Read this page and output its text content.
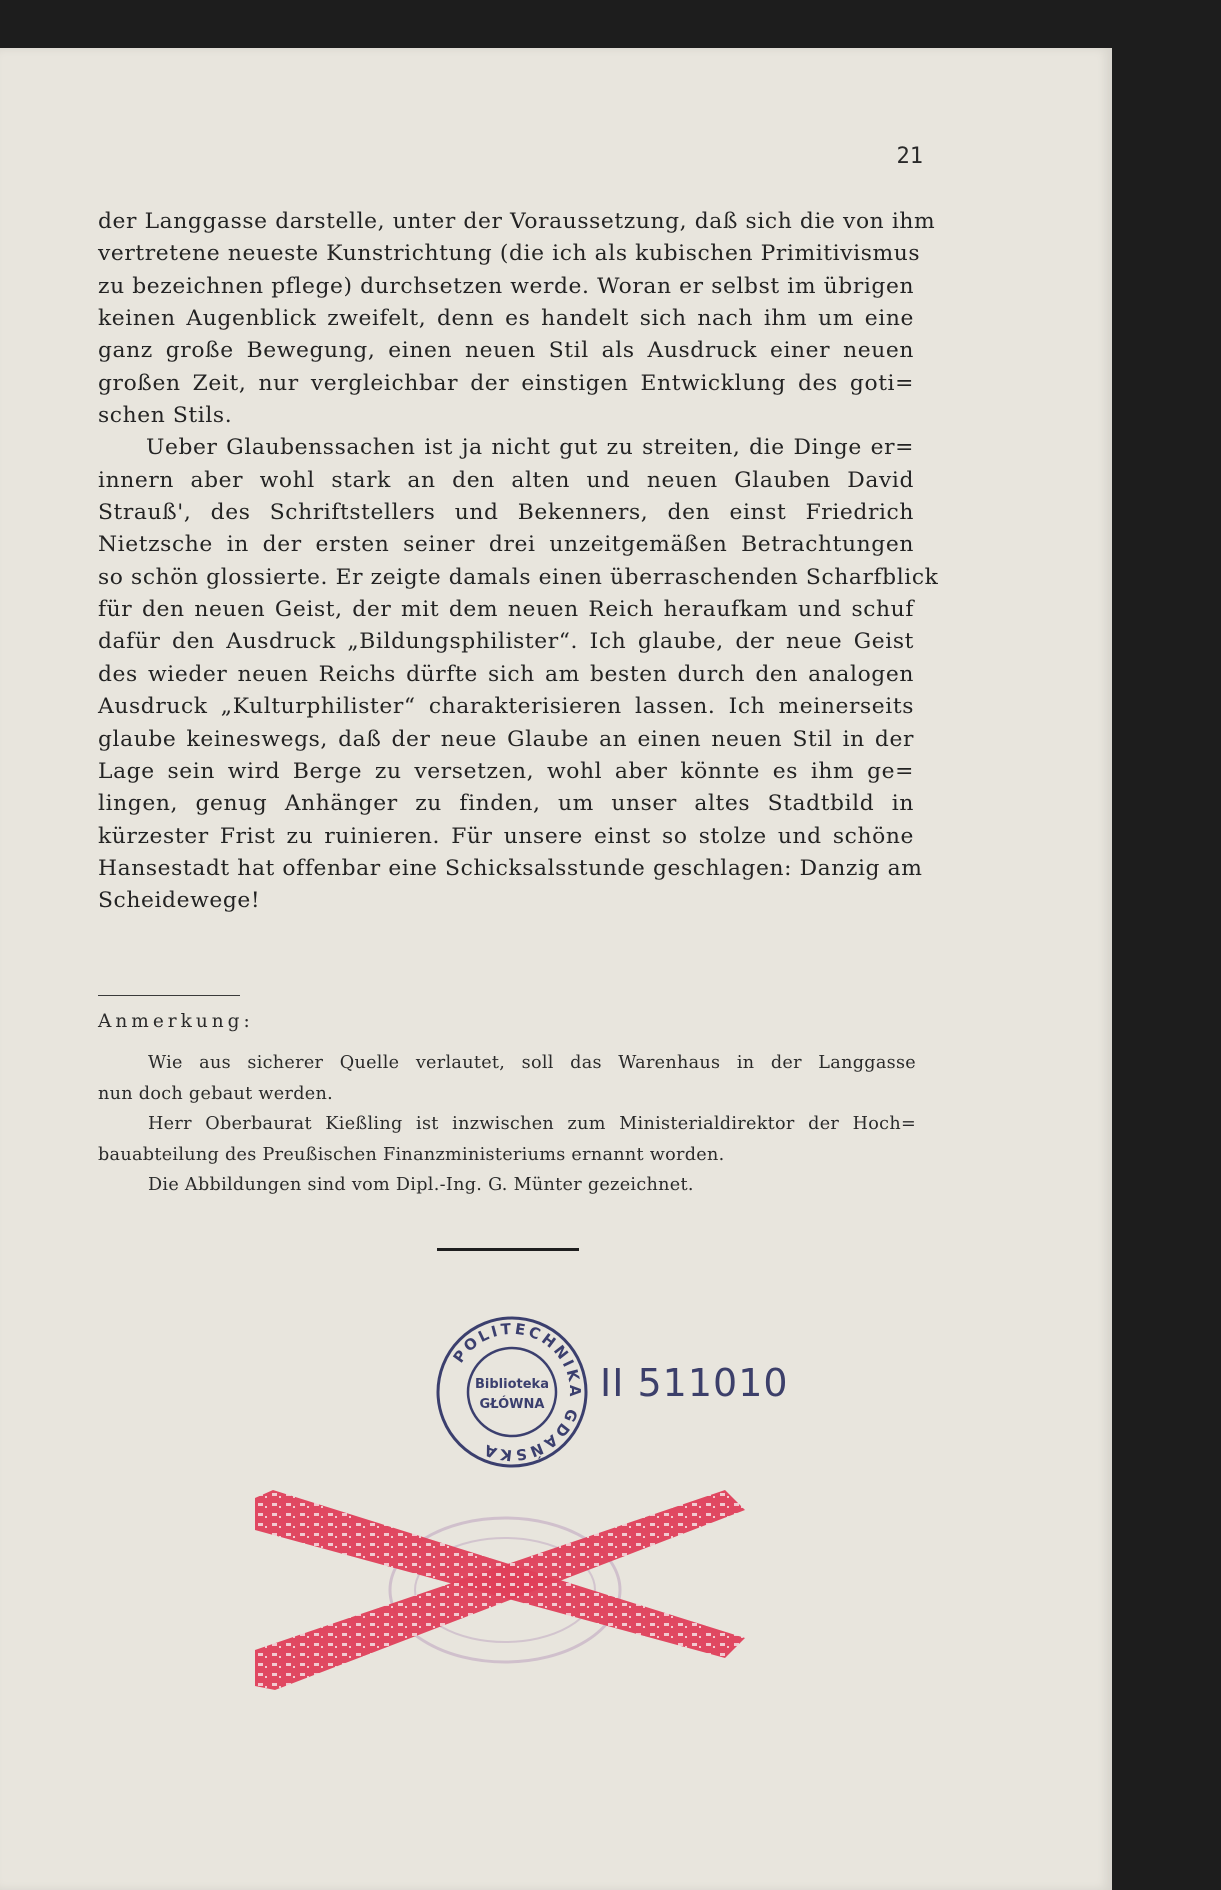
21
der Langgasse darstelle, unter der Voraussetzung, daß sich die von ihm
vertretene neueste Kunstrichtung (die ich als kubischen Primitivismus
zu bezeichnen pflege) durchsetzen werde. Woran er selbst im übrigen
keinen Augenblick zweifelt, denn es handelt sich nach ihm um eine
ganz große Bewegung, einen neuen Stil als Ausdruck einer neuen
großen Zeit, nur vergleichbar der einstigen Entwicklung des goti=
schen Stils.
Ueber Glaubenssachen ist ja nicht gut zu streiten, die Dinge er=
innern aber wohl stark an den alten und neuen Glauben David
Strauß', des Schriftstellers und Bekenners, den einst Friedrich
Nietzsche in der ersten seiner drei unzeitgemäßen Betrachtungen
so schön glossierte. Er zeigte damals einen überraschenden Scharfblick
für den neuen Geist, der mit dem neuen Reich heraufkam und schuf
dafür den Ausdruck „Bildungsphilister“. Ich glaube, der neue Geist
des wieder neuen Reichs dürfte sich am besten durch den analogen
Ausdruck „Kulturphilister“ charakterisieren lassen. Ich meinerseits
glaube keineswegs, daß der neue Glaube an einen neuen Stil in der
Lage sein wird Berge zu versetzen, wohl aber könnte es ihm ge=
lingen, genug Anhänger zu finden, um unser altes Stadtbild in
kürzester Frist zu ruinieren. Für unsere einst so stolze und schöne
Hansestadt hat offenbar eine Schicksalsstunde geschlagen: Danzig am
Scheidewege!
Anmerkung:
Wie aus sicherer Quelle verlautet, soll das Warenhaus in der Langgasse
nun doch gebaut werden.
Herr Oberbaurat Kießling ist inzwischen zum Ministerialdirektor der Hoch=
bauabteilung des Preußischen Finanzministeriums ernannt worden.
Die Abbildungen sind vom Dipl.-Ing. G. Münter gezeichnet.
POLITECHNIKA GDAŃSKA
Biblioteka
GŁÓWNA II 511010
